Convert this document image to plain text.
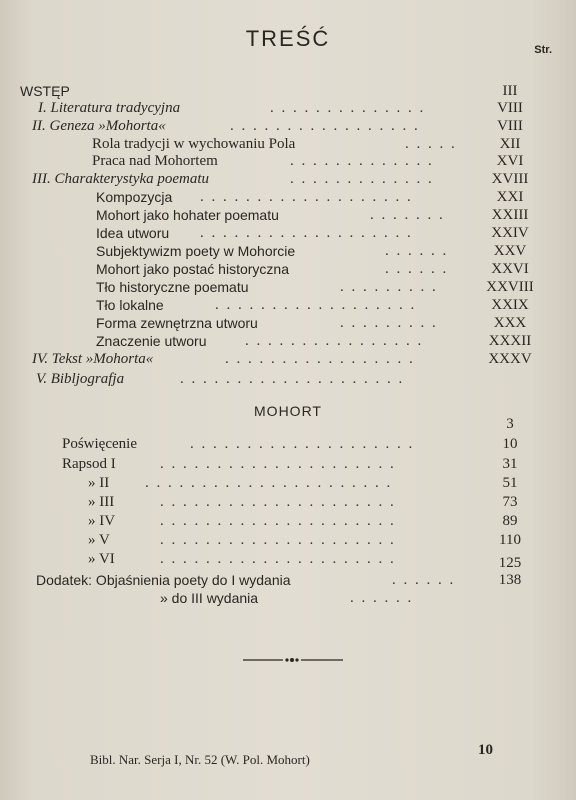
TREŚĆ	Str.
WSTĘP	III
I. Literatura tradycyjna	. . . . . . . . . . . . . .	VIII
II. Geneza »Mohorta«	. . . . . . . . . . . . . . . . .	VIII
Rola tradycji w wychowaniu Pola	. . . . .	XII
Praca nad Mohortem	. . . . . . . . . . . . .	XVI
III. Charakterystyka poematu	. . . . . . . . . . . . .	XVIII
Kompozycja . . . . . . . . . . . . . . . . . . .	XXI
Mohort jako hohater poematu	. . . . . . .	XXIII
Idea utworu . . . . . . . . . . . . . . . . . . .	XXIV
Subjektywizm poety w Mohorcie	. . . . . .	XXV
Mohort jako postać historyczna	. . . . . .	XXVI
Tło historyczne poematu	. . . . . . . . .	XXVIII
Tło lokalne	. . . . . . . . . . . . . . . . . .	XXIX
Forma zewnętrzna utworu	. . . . . . . . .	XXX
Znaczenie utworu	. . . . . . . . . . . . . . . .	XXXII
IV. Tekst »Mohorta«	. . . . . . . . . . . . . . . . .	XXXV
V. Bibljografja	. . . . . . . . . . . . . . . . . . . .
MOHORT
3
Poświęcenie	. . . . . . . . . . . . . . . . . . . .	10
Rapsod I	. . . . . . . . . . . . . . . . . . . . .	31
» II . . . . . . . . . . . . . . . . . . . . . .	51
» III	. . . . . . . . . . . . . . . . . . . . .	73
» IV	. . . . . . . . . . . . . . . . . . . . .	89
» V	. . . . . . . . . . . . . . . . . . . . .	110
» VI	. . . . . . . . . . . . . . . . . . . . .	125
Dodatek: Objaśnienia poety do I wydania	. . . . . .	138
» do III wydania	. . . . . .
10
Bibl. Nar. Serja I, Nr. 52 (W. Pol. Mohort)
